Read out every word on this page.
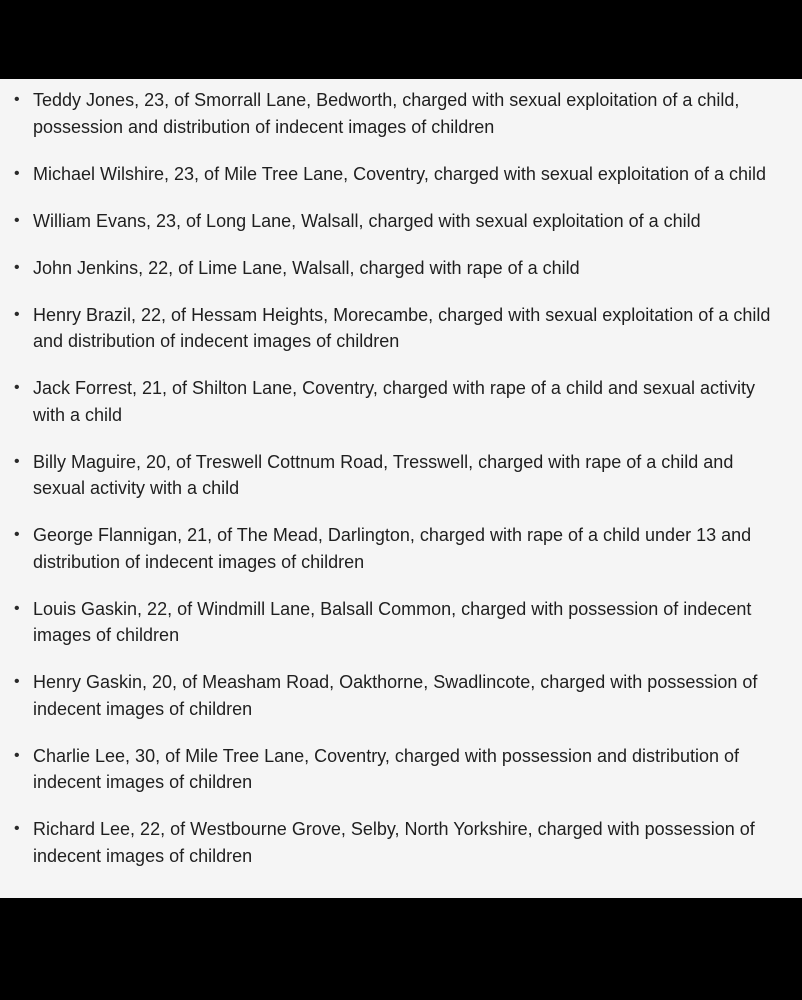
• Teddy Jones, 23, of Smorrall Lane, Bedworth, charged with sexual exploitation of a child, possession and distribution of indecent images of children
• Michael Wilshire, 23, of Mile Tree Lane, Coventry, charged with sexual exploitation of a child
• William Evans, 23, of Long Lane, Walsall, charged with sexual exploitation of a child
• John Jenkins, 22, of Lime Lane, Walsall, charged with rape of a child
• Henry Brazil, 22, of Hessam Heights, Morecambe, charged with sexual exploitation of a child and distribution of indecent images of children
• Jack Forrest, 21, of Shilton Lane, Coventry, charged with rape of a child and sexual activity with a child
• Billy Maguire, 20, of Treswell Cottnum Road, Tresswell, charged with rape of a child and sexual activity with a child
• George Flannigan, 21, of The Mead, Darlington, charged with rape of a child under 13 and distribution of indecent images of children
• Louis Gaskin, 22, of Windmill Lane, Balsall Common, charged with possession of indecent images of children
• Henry Gaskin, 20, of Measham Road, Oakthorne, Swadlincote, charged with possession of indecent images of children
• Charlie Lee, 30, of Mile Tree Lane, Coventry, charged with possession and distribution of indecent images of children
• Richard Lee, 22, of Westbourne Grove, Selby, North Yorkshire, charged with possession of indecent images of children
